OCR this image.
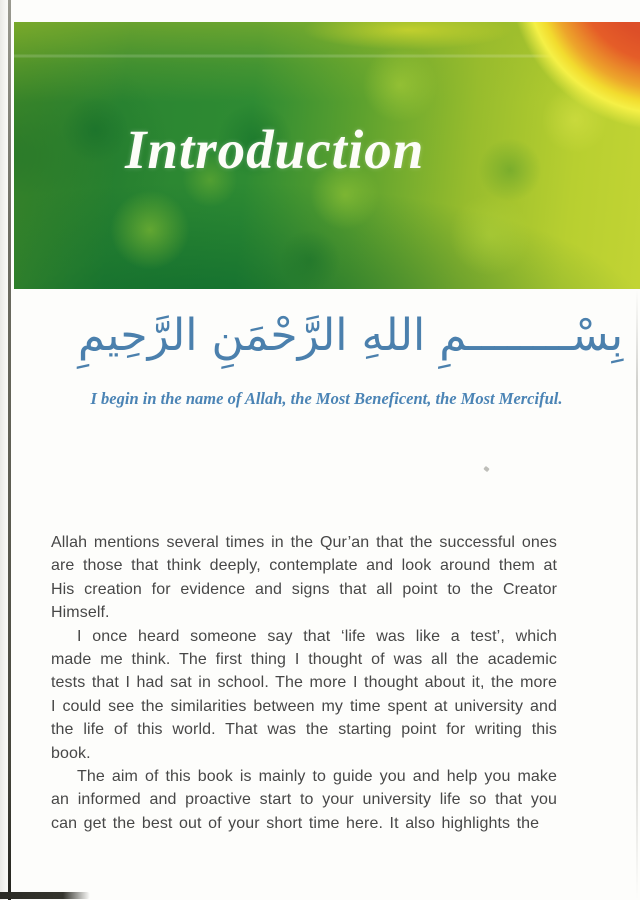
Introduction
بِسْــــــــمِ اللهِ الرَّحْمَنِ الرَّحِيمِ
I begin in the name of Allah, the Most Beneficent, the Most Merciful.

Allah mentions several times in the Qur’an that the successful ones are those that think deeply, contemplate and look around them at His creation for evidence and signs that all point to the Creator Himself.

I once heard someone say that ‘life was like a test’, which made me think. The first thing I thought of was all the academic tests that I had sat in school. The more I thought about it, the more I could see the similarities between my time spent at university and the life of this world. That was the starting point for writing this book.

The aim of this book is mainly to guide you and help you make an informed and proactive start to your university life so that you can get the best out of your short time here. It also highlights the
